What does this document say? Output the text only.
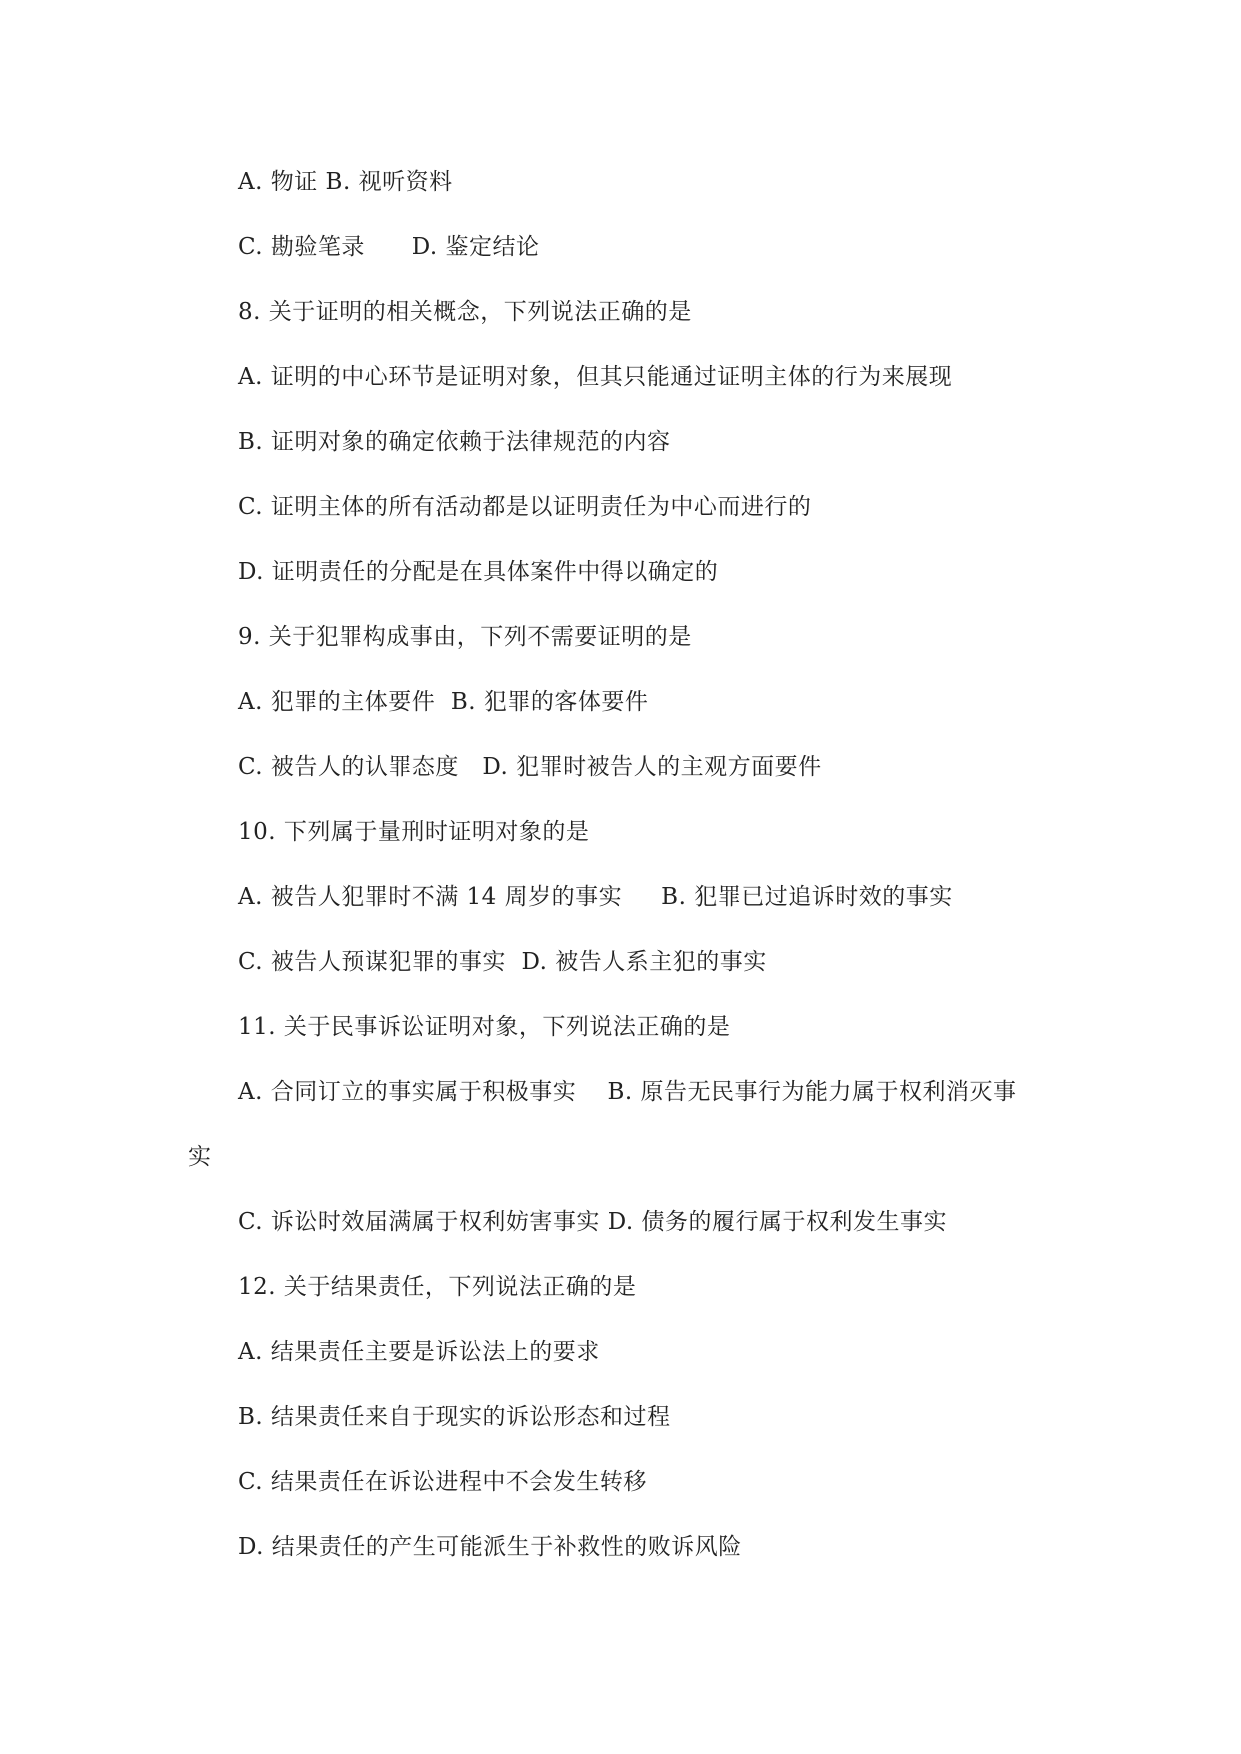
A. 物证 B. 视听资料
C. 勘验笔录      D. 鉴定结论
8. 关于证明的相关概念，下列说法正确的是
A. 证明的中心环节是证明对象，但其只能通过证明主体的行为来展现
B. 证明对象的确定依赖于法律规范的内容
C. 证明主体的所有活动都是以证明责任为中心而进行的
D. 证明责任的分配是在具体案件中得以确定的
9. 关于犯罪构成事由，下列不需要证明的是
A. 犯罪的主体要件  B. 犯罪的客体要件
C. 被告人的认罪态度   D. 犯罪时被告人的主观方面要件
10. 下列属于量刑时证明对象的是
A. 被告人犯罪时不满 14 周岁的事实     B. 犯罪已过追诉时效的事实
C. 被告人预谋犯罪的事实  D. 被告人系主犯的事实
11. 关于民事诉讼证明对象，下列说法正确的是
A. 合同订立的事实属于积极事实    B. 原告无民事行为能力属于权利消灭事
实
C. 诉讼时效届满属于权利妨害事实 D. 债务的履行属于权利发生事实
12. 关于结果责任，下列说法正确的是
A. 结果责任主要是诉讼法上的要求
B. 结果责任来自于现实的诉讼形态和过程
C. 结果责任在诉讼进程中不会发生转移
D. 结果责任的产生可能派生于补救性的败诉风险
